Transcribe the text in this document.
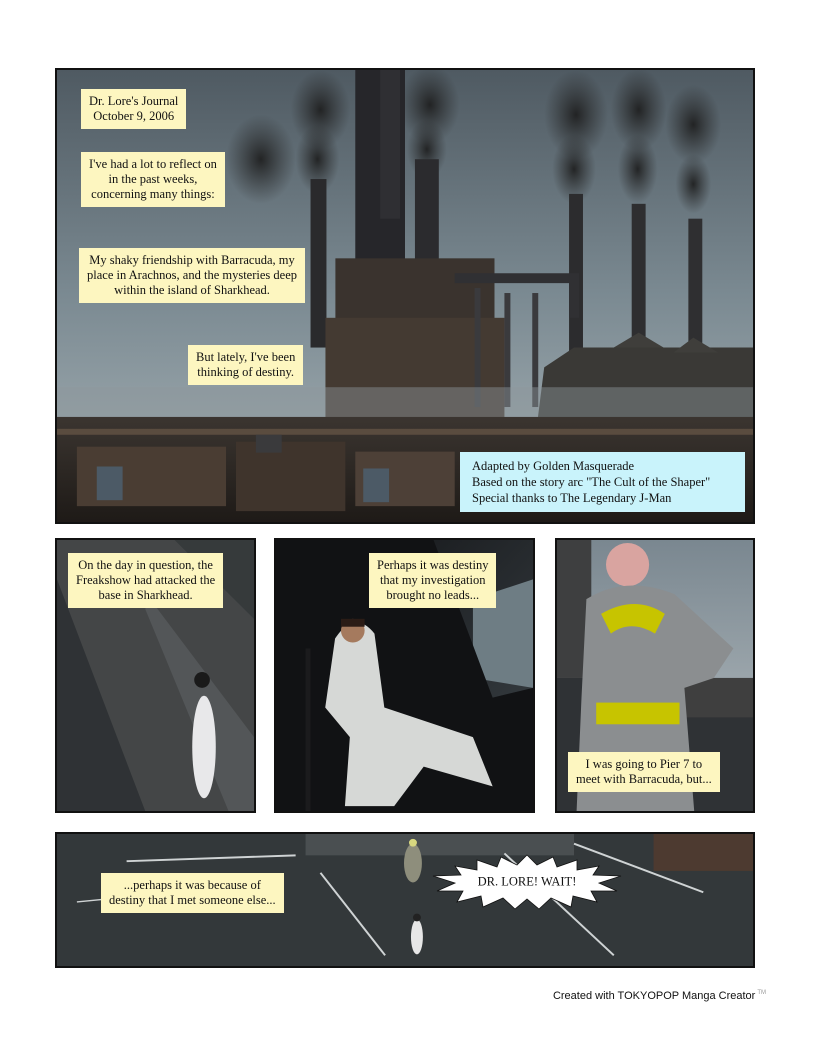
Dr. Lore's Journal
October 9, 2006
I've had a lot to reflect on
in the past weeks,
concerning many things:
My shaky friendship with Barracuda, my
place in Arachnos, and the mysteries deep
within the island of Sharkhead.
But lately, I've been
thinking of destiny.
Adapted by Golden Masquerade
Based on the story arc "The Cult of the Shaper"
Special thanks to The Legendary J-Man
On the day in question, the
Freakshow had attacked the
base in Sharkhead.
Perhaps it was destiny
that my investigation
brought no leads...
I was going to Pier 7 to
meet with Barracuda, but...
...perhaps it was because of
destiny that I met someone else...
DR. LORE! WAIT!
Created with TOKYOPOP Manga Creator ™
